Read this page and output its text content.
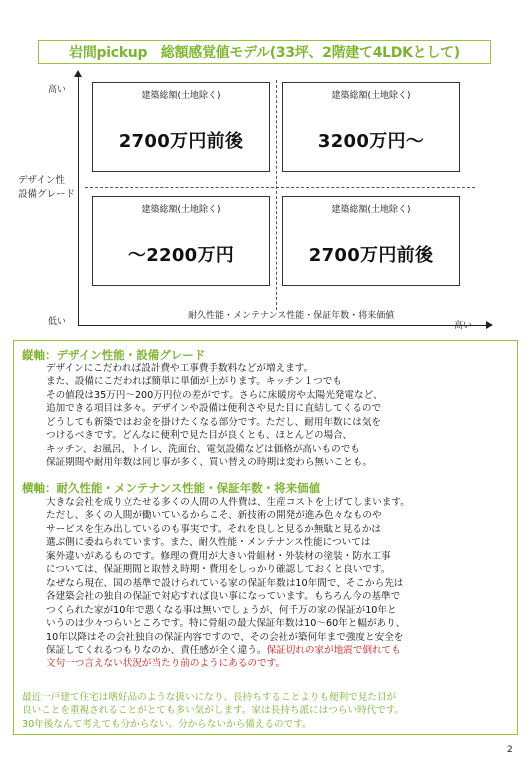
岩間pickup　総額感覚値モデル(33坪、2階建て4LDKとして)
高い
デザイン性
設備グレード
低い
耐久性能・メンテナンス性能・保証年数・将来価値
高い
建築総額(土地除く)
2700万円前後
建築総額(土地除く)
3200万円〜
建築総額(土地除く)
〜2200万円
建築総額(土地除く)
2700万円前後
縦軸：デザイン性能・設備グレード
デザインにこだわれば設計費や工事費手数料などが増えます。
また、設備にこだわれば簡単に単価が上がります。キッチン１つでも
その値段は35万円〜200万円位の差がです。さらに床暖房や太陽光発電など、
追加できる項目は多々。デザインや設備は便利さや見た目に直結してくるので
どうしても新築ではお金を掛けたくなる部分です。ただし、耐用年数には気を
つけるべきです。どんなに便利で見た目が良くとも、ほとんどの場合、
キッチン、お風呂、トイレ、洗面台、電気設備などは価格が高いものでも
保証期間や耐用年数は同じ事が多く、買い替えの時期は変わら無いことも。
横軸：耐久性能・メンテナンス性能・保証年数・将来価値
大きな会社を成り立たせる多くの人間の人件費は、生産コストを上げてしまいます。
ただし、多くの人間が働いているからこそ、新技術の開発が進み色々なものや
サービスを生み出しているのも事実です。それを良しと見るか無駄と見るかは
選ぶ側に委ねられています。また、耐久性能・メンテナンス性能については
案外違いがあるものです。修理の費用が大きい骨組材・外装材の塗装・防水工事
については、保証期間と取替え時期・費用をしっかり確認しておくと良いです。
なぜなら現在、国の基準で設けられている家の保証年数は10年間で、そこから先は
各建築会社の独自の保証で対応すれば良い事になっています。もちろん今の基準で
つくられた家が10年で悪くなる事は無いでしょうが、何千万の家の保証が10年と
いうのは少々つらいところです。特に骨組の最大保証年数は10〜60年と幅があり、
10年以降はその会社独自の保証内容ですので、その会社が築何年まで強度と安全を
保証してくれるつもりなのか、責任感が全く違う。保証切れの家が地震で倒れても
文句一つ言えない状況が当たり前のようにあるのです。
最近一戸建て住宅は嗜好品のような扱いになり、長持ちすることよりも便利で見た目が
良いことを重視されることがとても多い気がします。家は長持ち派にはつらい時代です。
30年後なんて考えても分からない。分からないから備えるのです。
2
